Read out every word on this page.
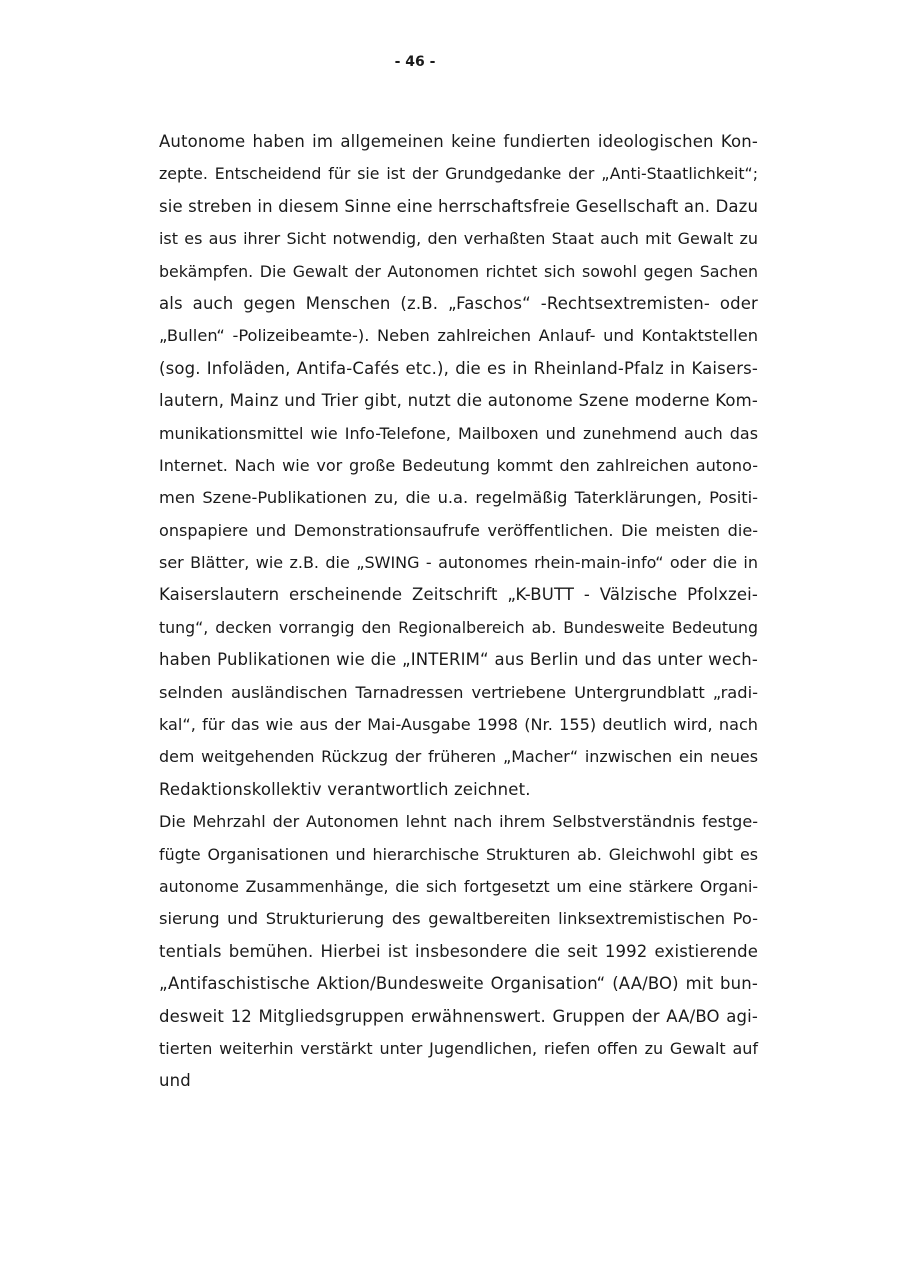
- 46 -
Autonome haben im allgemeinen keine fundierten ideologischen Kon-
zepte. Entscheidend für sie ist der Grundgedanke der „Anti-Staatlichkeit“;
sie streben in diesem Sinne eine herrschaftsfreie Gesellschaft an. Dazu
ist es aus ihrer Sicht notwendig, den verhaßten Staat auch mit Gewalt zu
bekämpfen. Die Gewalt der Autonomen richtet sich sowohl gegen Sachen
als auch gegen Menschen (z.B. „Faschos“ -Rechtsextremisten- oder
„Bullen“ -Polizeibeamte-). Neben zahlreichen Anlauf- und Kontaktstellen
(sog. Infoläden, Antifa-Cafés etc.), die es in Rheinland-Pfalz in Kaisers-
lautern, Mainz und Trier gibt, nutzt die autonome Szene moderne Kom-
munikationsmittel wie Info-Telefone, Mailboxen und zunehmend auch das
Internet. Nach wie vor große Bedeutung kommt den zahlreichen autono-
men Szene-Publikationen zu, die u.a. regelmäßig Taterklärungen, Positi-
onspapiere und Demonstrationsaufrufe veröffentlichen. Die meisten die-
ser Blätter, wie z.B. die „SWING - autonomes rhein-main-info“ oder die in
Kaiserslautern erscheinende Zeitschrift „K-BUTT - Välzische Pfolxzei-
tung“, decken vorrangig den Regionalbereich ab. Bundesweite Bedeutung
haben Publikationen wie die „INTERIM“ aus Berlin und das unter wech-
selnden ausländischen Tarnadressen vertriebene Untergrundblatt „radi-
kal“, für das wie aus der Mai-Ausgabe 1998 (Nr. 155) deutlich wird, nach
dem weitgehenden Rückzug der früheren „Macher“ inzwischen ein neues
Redaktionskollektiv verantwortlich zeichnet.
Die Mehrzahl der Autonomen lehnt nach ihrem Selbstverständnis festge-
fügte Organisationen und hierarchische Strukturen ab. Gleichwohl gibt es
autonome Zusammenhänge, die sich fortgesetzt um eine stärkere Organi-
sierung und Strukturierung des gewaltbereiten linksextremistischen Po-
tentials bemühen. Hierbei ist insbesondere die seit 1992 existierende
„Antifaschistische Aktion/Bundesweite Organisation“ (AA/BO) mit bun-
desweit 12 Mitgliedsgruppen erwähnenswert. Gruppen der AA/BO agi-
tierten weiterhin verstärkt unter Jugendlichen, riefen offen zu Gewalt auf
und
